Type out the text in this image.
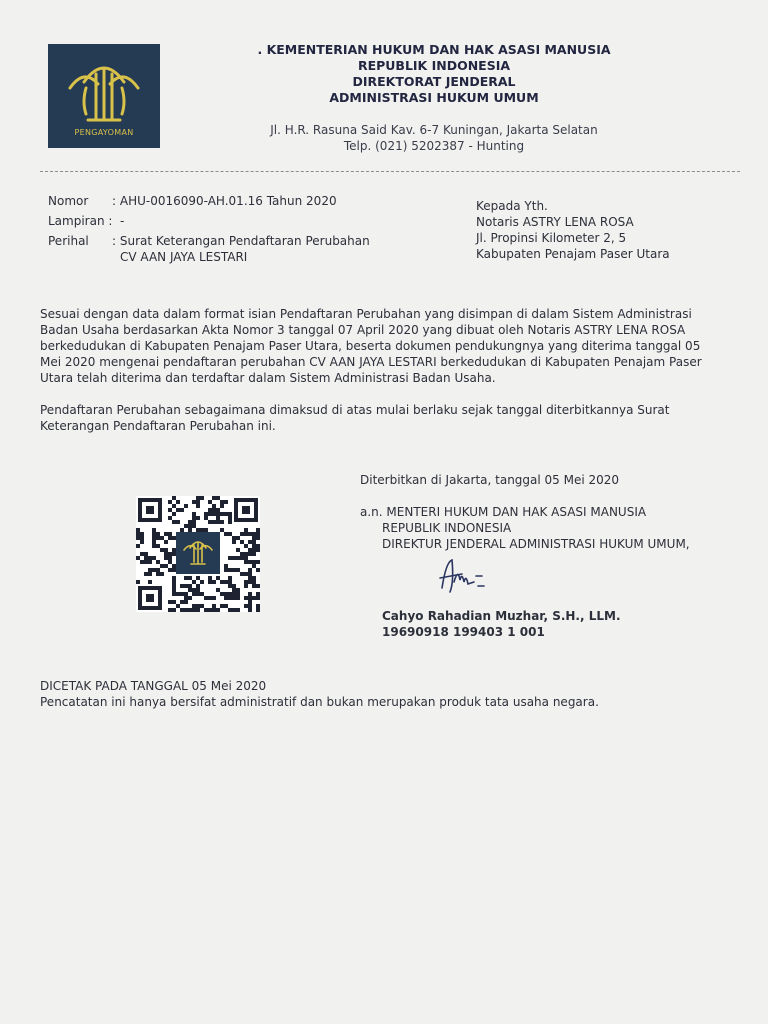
PENGAYOMAN
. KEMENTERIAN HUKUM DAN HAK ASASI MANUSIA
REPUBLIK INDONESIA
DIREKTORAT JENDERAL
ADMINISTRASI HUKUM UMUM
Jl. H.R. Rasuna Said Kav. 6-7 Kuningan, Jakarta Selatan
Telp. (021) 5202387 - Hunting
Nomor : AHU-0016090-AH.01.16 Tahun 2020
Lampiran : -
Perihal : Surat Keterangan Pendaftaran Perubahan
CV AAN JAYA LESTARI
Kepada Yth.
Notaris ASTRY LENA ROSA
Jl. Propinsi Kilometer 2, 5
Kabupaten Penajam Paser Utara
Sesuai dengan data dalam format isian Pendaftaran Perubahan yang disimpan di dalam Sistem Administrasi
Badan Usaha berdasarkan Akta Nomor 3 tanggal 07 April 2020 yang dibuat oleh Notaris ASTRY LENA ROSA
berkedudukan di Kabupaten Penajam Paser Utara, beserta dokumen pendukungnya yang diterima tanggal 05
Mei 2020 mengenai pendaftaran perubahan CV AAN JAYA LESTARI berkedudukan di Kabupaten Penajam Paser
Utara telah diterima dan terdaftar dalam Sistem Administrasi Badan Usaha.
Pendaftaran Perubahan sebagaimana dimaksud di atas mulai berlaku sejak tanggal diterbitkannya Surat
Keterangan Pendaftaran Perubahan ini.
Diterbitkan di Jakarta, tanggal 05 Mei 2020
a.n. MENTERI HUKUM DAN HAK ASASI MANUSIA
REPUBLIK INDONESIA
DIREKTUR JENDERAL ADMINISTRASI HUKUM UMUM,
Cahyo Rahadian Muzhar, S.H., LLM.
19690918 199403 1 001
DICETAK PADA TANGGAL 05 Mei 2020
Pencatatan ini hanya bersifat administratif dan bukan merupakan produk tata usaha negara.
